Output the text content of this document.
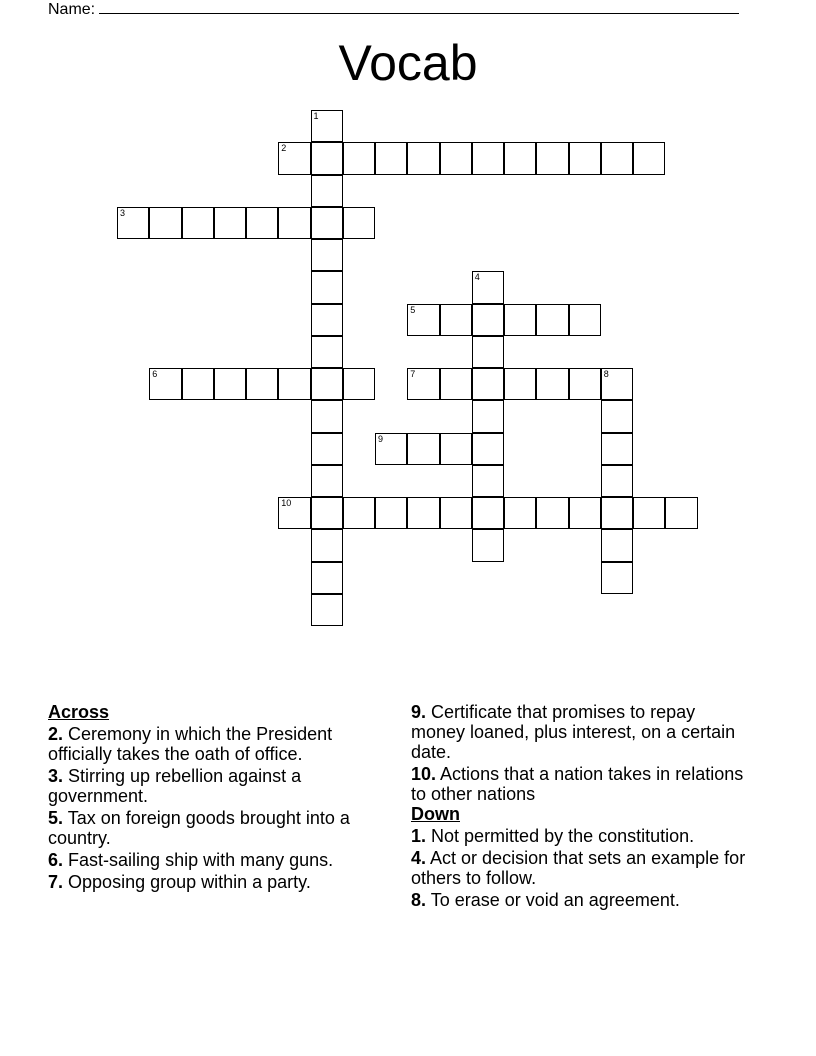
Name:
Vocab
1
2
3
4
5
6	7	8
9
10
Across
2. Ceremony in which the President officially takes the oath of office.
3. Stirring up rebellion against a government.
5. Tax on foreign goods brought into a country.
6. Fast-sailing ship with many guns.
7. Opposing group within a party.
9. Certificate that promises to repay money loaned, plus interest, on a certain date.
10. Actions that a nation takes in relations to other nations
Down
1. Not permitted by the constitution.
4. Act or decision that sets an example for others to follow.
8. To erase or void an agreement.
